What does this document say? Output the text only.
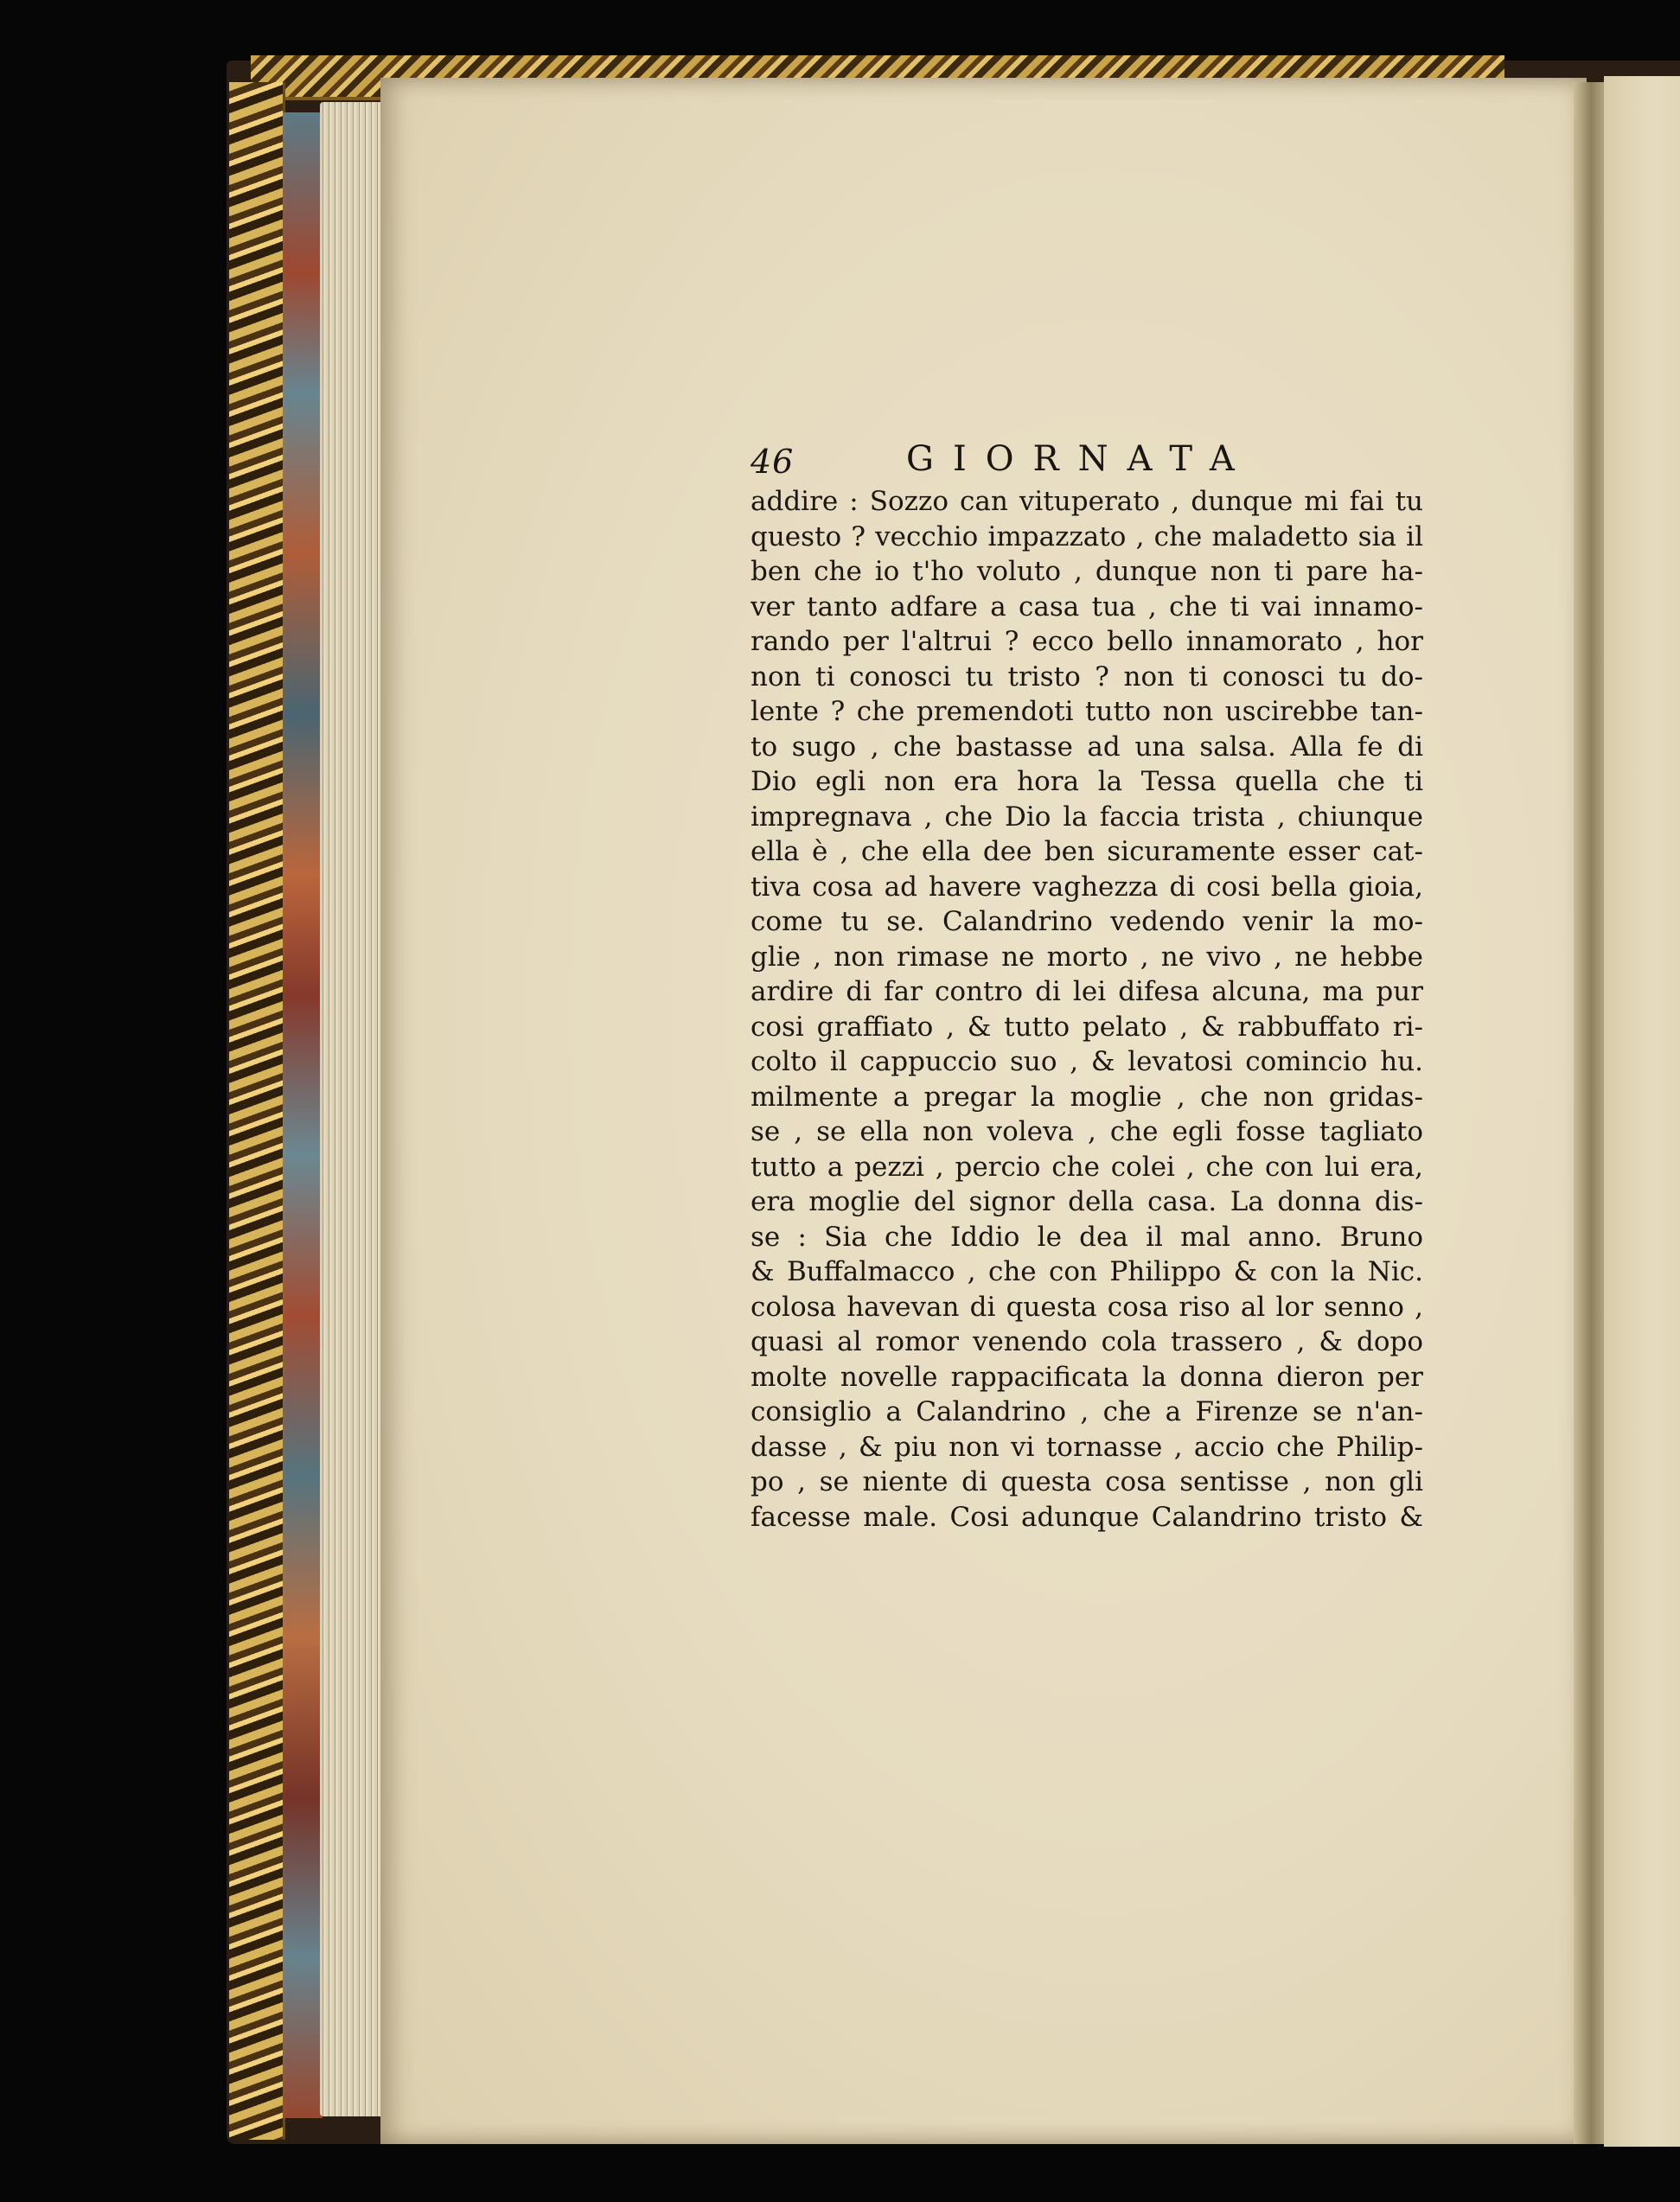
46	GIORNATA
addire : Sozzo can vituperato , dunque mi fai tu
questo ? vecchio impazzato , che maladetto sia il
ben che io t'ho voluto , dunque non ti pare ha-
ver tanto adfare a casa tua , che ti vai innamo-
rando per l'altrui ? ecco bello innamorato , hor
non ti conosci tu tristo ? non ti conosci tu do-
lente ? che premendoti tutto non uscirebbe tan-
to sugo , che bastasse ad una salsa. Alla fe di
Dio egli non era hora la Tessa quella che ti
impregnava , che Dio la faccia trista , chiunque
ella è , che ella dee ben sicuramente esser cat-
tiva cosa ad havere vaghezza di cosi bella gioia,
come tu se. Calandrino vedendo venir la mo-
glie , non rimase ne morto , ne vivo , ne hebbe
ardire di far contro di lei difesa alcuna, ma pur
cosi graffiato , & tutto pelato , & rabbuffato ri-
colto il cappuccio suo , & levatosi comincio hu.
milmente a pregar la moglie , che non gridas-
se , se ella non voleva , che egli fosse tagliato
tutto a pezzi , percio che colei , che con lui era,
era moglie del signor della casa. La donna dis-
se : Sia che Iddio le dea il mal anno. Bruno
& Buffalmacco , che con Philippo & con la Nic.
colosa havevan di questa cosa riso al lor senno ,
quasi al romor venendo cola trassero , & dopo
molte novelle rappacificata la donna dieron per
consiglio a Calandrino , che a Firenze se n'an-
dasse , & piu non vi tornasse , accio che Philip-
po , se niente di questa cosa sentisse , non gli
facesse male. Cosi adunque Calandrino tristo &
